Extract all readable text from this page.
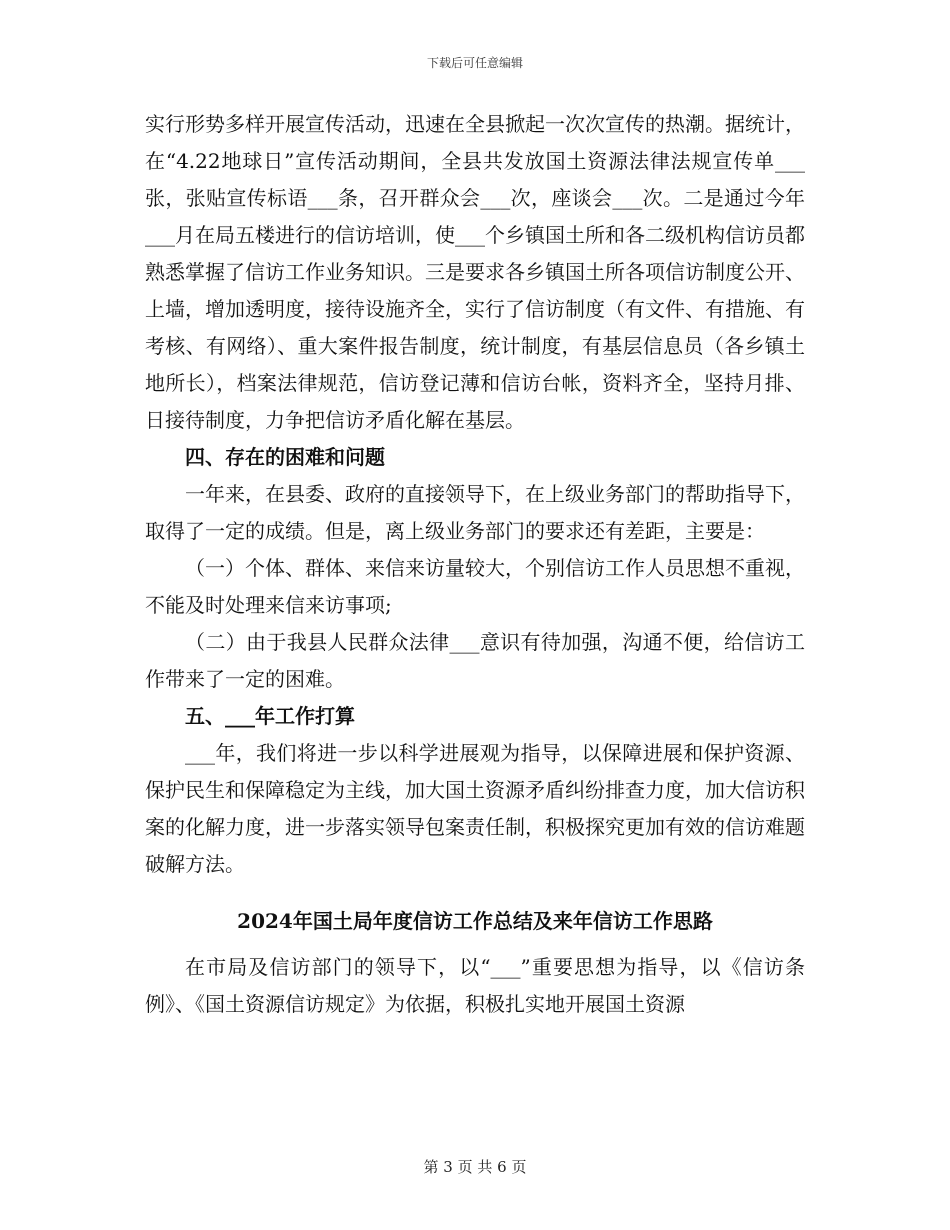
下载后可任意编辑

实行形势多样开展宣传活动，迅速在全县掀起一次次宣传的热潮。据统计，在“4.22地球日”宣传活动期间，全县共发放国土资源法律法规宣传单___张，张贴宣传标语___条，召开群众会___次，座谈会___次。二是通过今年___月在局五楼进行的信访培训，使___个乡镇国土所和各二级机构信访员都熟悉掌握了信访工作业务知识。三是要求各乡镇国土所各项信访制度公开、上墙，增加透明度，接待设施齐全，实行了信访制度（有文件、有措施、有考核、有网络）、重大案件报告制度，统计制度，有基层信息员（各乡镇土地所长），档案法律规范，信访登记薄和信访台帐，资料齐全，坚持月排、日接待制度，力争把信访矛盾化解在基层。

四、存在的困难和问题

一年来，在县委、政府的直接领导下，在上级业务部门的帮助指导下，取得了一定的成绩。但是，离上级业务部门的要求还有差距，主要是：

（一）个体、群体、来信来访量较大，个别信访工作人员思想不重视，不能及时处理来信来访事项;

（二）由于我县人民群众法律___意识有待加强，沟通不便，给信访工作带来了一定的困难。

五、___年工作打算

___年，我们将进一步以科学进展观为指导，以保障进展和保护资源、保护民生和保障稳定为主线，加大国土资源矛盾纠纷排查力度，加大信访积案的化解力度，进一步落实领导包案责任制，积极探究更加有效的信访难题破解方法。

2024年国土局年度信访工作总结及来年信访工作思路

在市局及信访部门的领导下，以“___”重要思想为指导，以《信访条例》、《国土资源信访规定》为依据，积极扎实地开展国土资源

第 3 页 共 6 页
